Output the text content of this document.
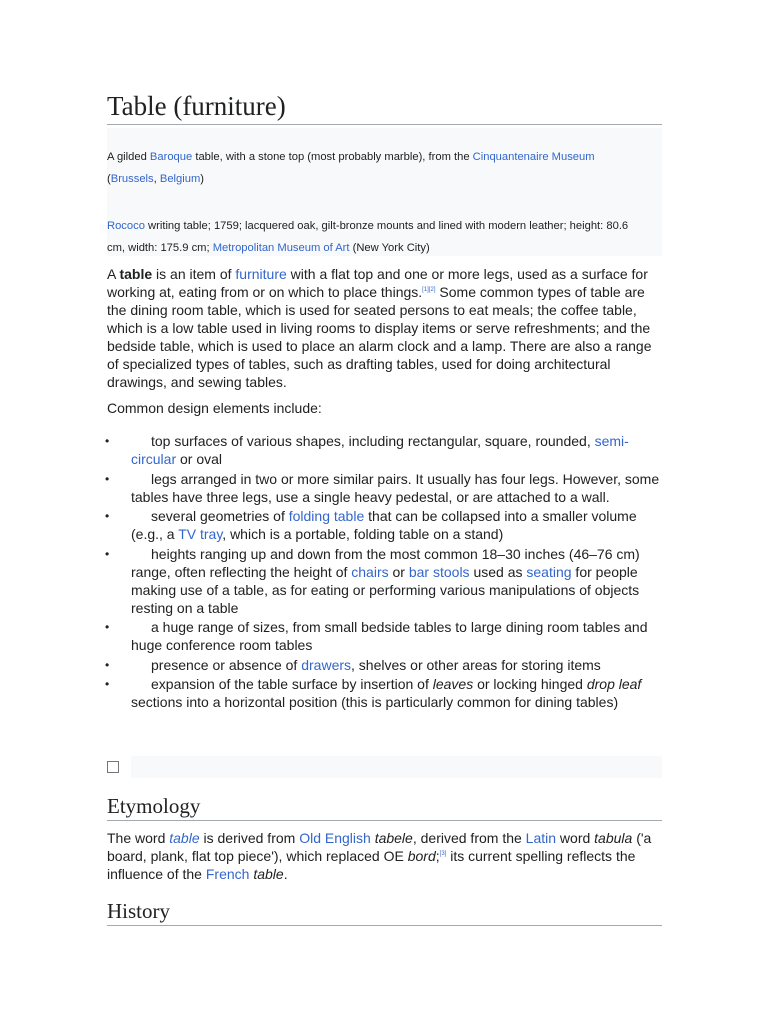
Table (furniture)
A gilded Baroque table, with a stone top (most probably marble), from the Cinquantenaire Museum (Brussels, Belgium)
Rococo writing table; 1759; lacquered oak, gilt-bronze mounts and lined with modern leather; height: 80.6 cm, width: 175.9 cm; Metropolitan Museum of Art (New York City)

A table is an item of furniture with a flat top and one or more legs, used as a surface for working at, eating from or on which to place things.[1][2] Some common types of table are the dining room table, which is used for seated persons to eat meals; the coffee table, which is a low table used in living rooms to display items or serve refreshments; and the bedside table, which is used to place an alarm clock and a lamp. There are also a range of specialized types of tables, such as drafting tables, used for doing architectural drawings, and sewing tables.

Common design elements include:

•	top surfaces of various shapes, including rectangular, square, rounded, semi-circular or oval
•	legs arranged in two or more similar pairs. It usually has four legs. However, some tables have three legs, use a single heavy pedestal, or are attached to a wall.
•	several geometries of folding table that can be collapsed into a smaller volume (e.g., a TV tray, which is a portable, folding table on a stand)
•	heights ranging up and down from the most common 18–30 inches (46–76 cm) range, often reflecting the height of chairs or bar stools used as seating for people making use of a table, as for eating or performing various manipulations of objects resting on a table
•	a huge range of sizes, from small bedside tables to large dining room tables and huge conference room tables
•	presence or absence of drawers, shelves or other areas for storing items
•	expansion of the table surface by insertion of leaves or locking hinged drop leaf sections into a horizontal position (this is particularly common for dining tables)
Etymology

The word table is derived from Old English tabele, derived from the Latin word tabula ('a board, plank, flat top piece'), which replaced OE bord;[3] its current spelling reflects the influence of the French table.

History
